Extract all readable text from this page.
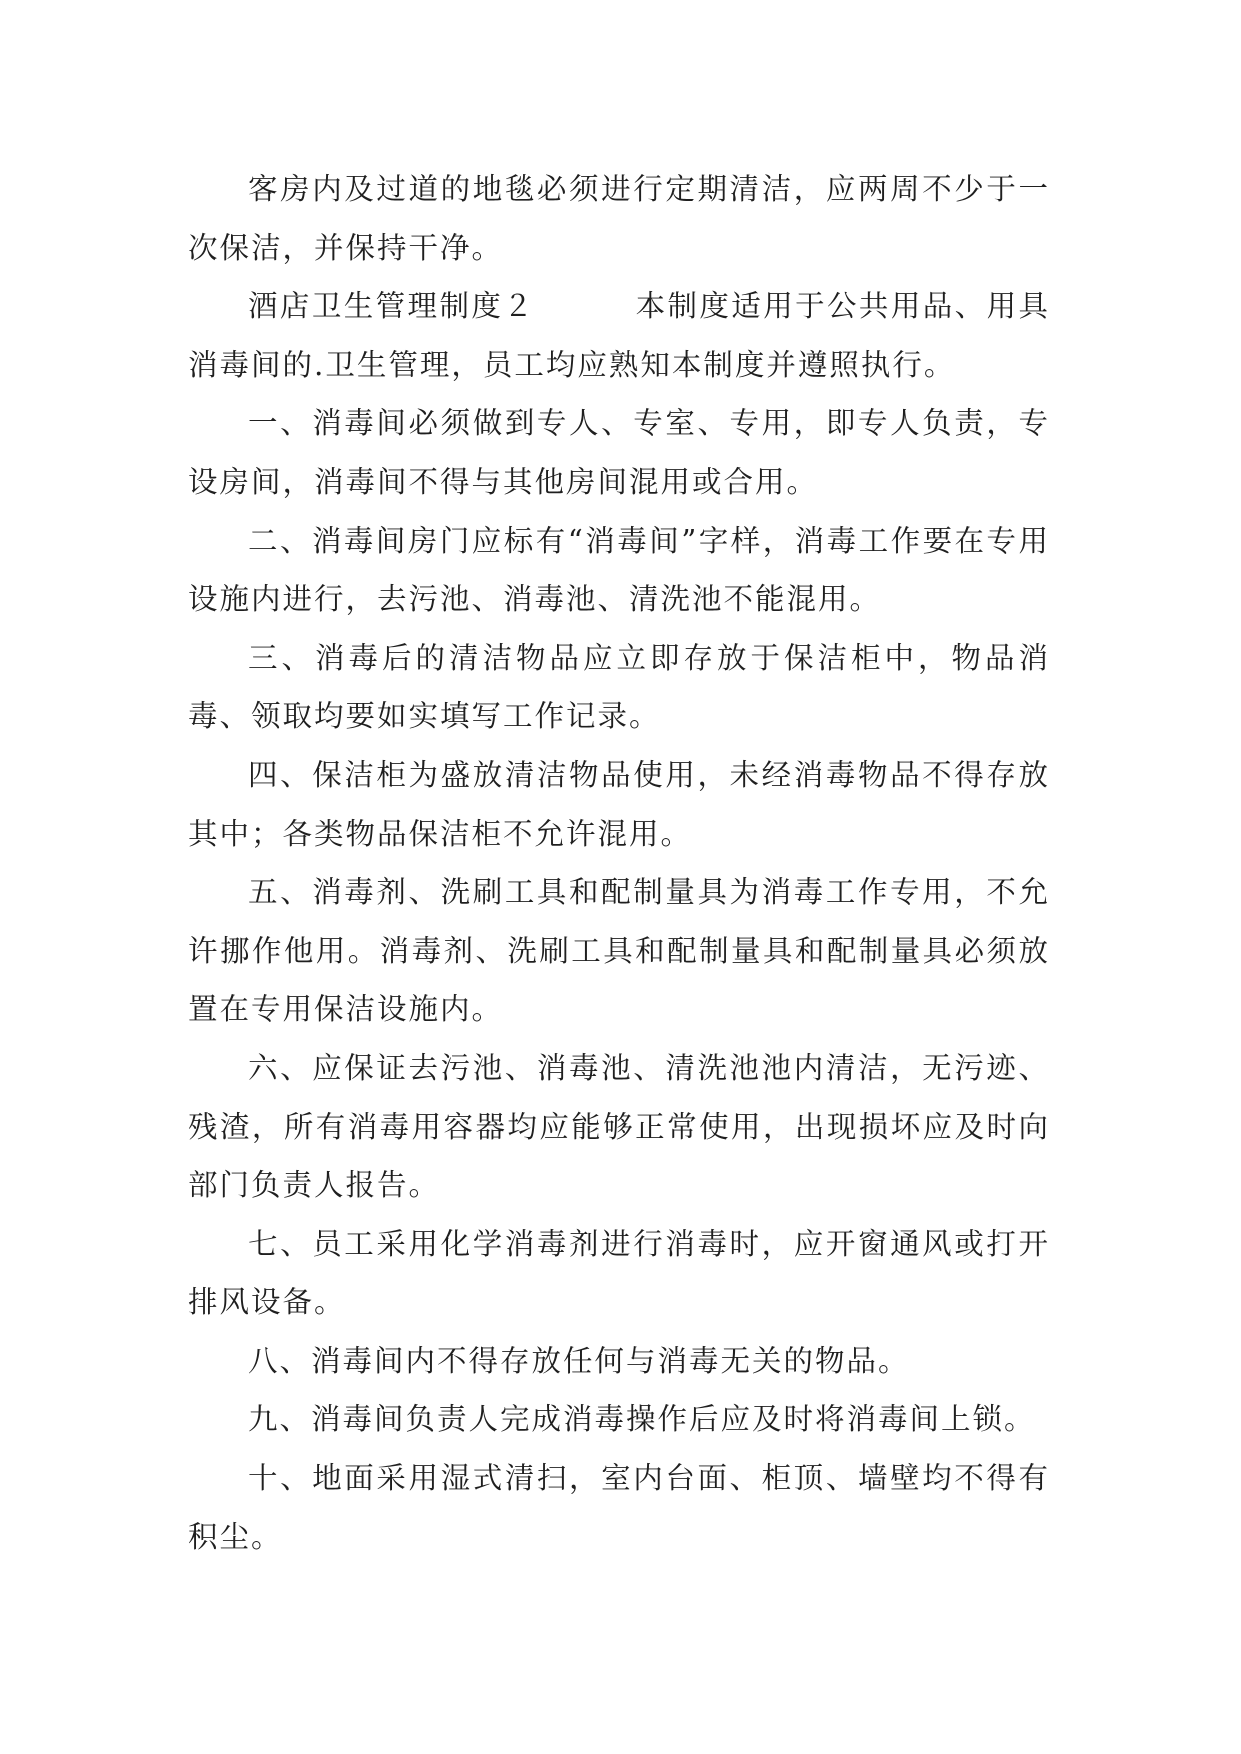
客房内及过道的地毯必须进行定期清洁，应两周不少于一次保洁，并保持干净。

酒店卫生管理制度２	本制度适用于公共用品、用具消毒间的.卫生管理，员工均应熟知本制度并遵照执行。

一、消毒间必须做到专人、专室、专用，即专人负责，专设房间，消毒间不得与其他房间混用或合用。

二、消毒间房门应标有“消毒间”字样，消毒工作要在专用设施内进行，去污池、消毒池、清洗池不能混用。

三、消毒后的清洁物品应立即存放于保洁柜中，物品消毒、领取均要如实填写工作记录。

四、保洁柜为盛放清洁物品使用，未经消毒物品不得存放其中；各类物品保洁柜不允许混用。

五、消毒剂、洗刷工具和配制量具为消毒工作专用，不允许挪作他用。消毒剂、洗刷工具和配制量具和配制量具必须放置在专用保洁设施内。

六、应保证去污池、消毒池、清洗池池内清洁，无污迹、残渣，所有消毒用容器均应能够正常使用，出现损坏应及时向部门负责人报告。

七、员工采用化学消毒剂进行消毒时，应开窗通风或打开排风设备。

八、消毒间内不得存放任何与消毒无关的物品。

九、消毒间负责人完成消毒操作后应及时将消毒间上锁。

十、地面采用湿式清扫，室内台面、柜顶、墙壁均不得有积尘。
